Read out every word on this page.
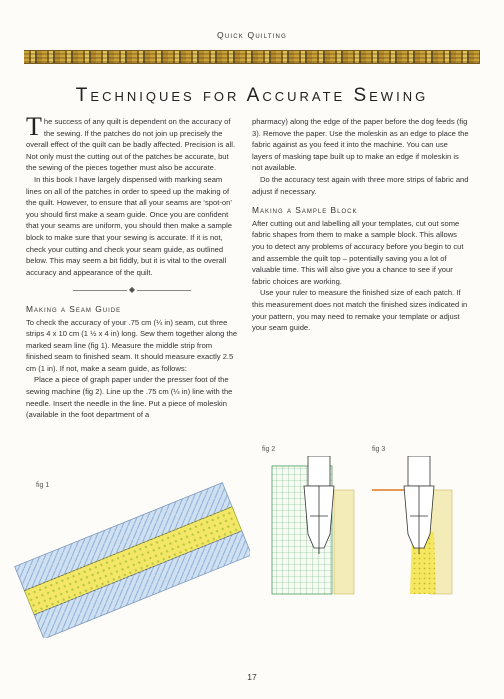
Quick Quilting
Techniques for Accurate Sewing

The success of any quilt is dependent on the accuracy of the sewing. If the patches do not join up precisely the overall effect of the quilt can be badly affected. Precision is all. Not only must the cutting out of the patches be accurate, but the sewing of the pieces together must also be accurate.

In this book I have largely dispensed with marking seam lines on all of the patches in order to speed up the making of the quilt. However, to ensure that all your seams are ‘spot-on’ you should first make a seam guide. Once you are confident that your seams are uniform, you should then make a sample block to make sure that your sewing is accurate. If it is not, check your cutting and check your seam guide, as outlined below. This may seem a bit fiddly, but it is vital to the overall accuracy and appearance of the quilt.

◆
Making a Seam Guide

To check the accuracy of your .75 cm (¼ in) seam, cut three strips 4 x 10 cm (1 ½ x 4 in) long. Sew them together along the marked seam line (fig 1). Measure the middle strip from finished seam to finished seam. It should measure exactly 2.5 cm (1 in). If not, make a seam guide, as follows:

Place a piece of graph paper under the presser foot of the sewing machine (fig 2). Line up the .75 cm (¼ in) line with the needle. Insert the needle in the line. Put a piece of moleskin (available in the foot department of a

pharmacy) along the edge of the paper before the dog feeds (fig 3). Remove the paper. Use the moleskin as an edge to place the fabric against as you feed it into the machine. You can use layers of masking tape built up to make an edge if moleskin is not available.

Do the accuracy test again with three more strips of fabric and adjust if necessary.

Making a Sample Block

After cutting out and labelling all your templates, cut out some fabric shapes from them to make a sample block. This allows you to detect any problems of accuracy before you begin to cut and assemble the quilt top – potentially saving you a lot of valuable time. This will also give you a chance to see if your fabric choices are working.

Use your ruler to measure the finished size of each patch. If this measurement does not match the finished sizes indicated in your pattern, you may need to remake your template or adjust your seam guide.

fig 1
fig 2	fig 3
17
